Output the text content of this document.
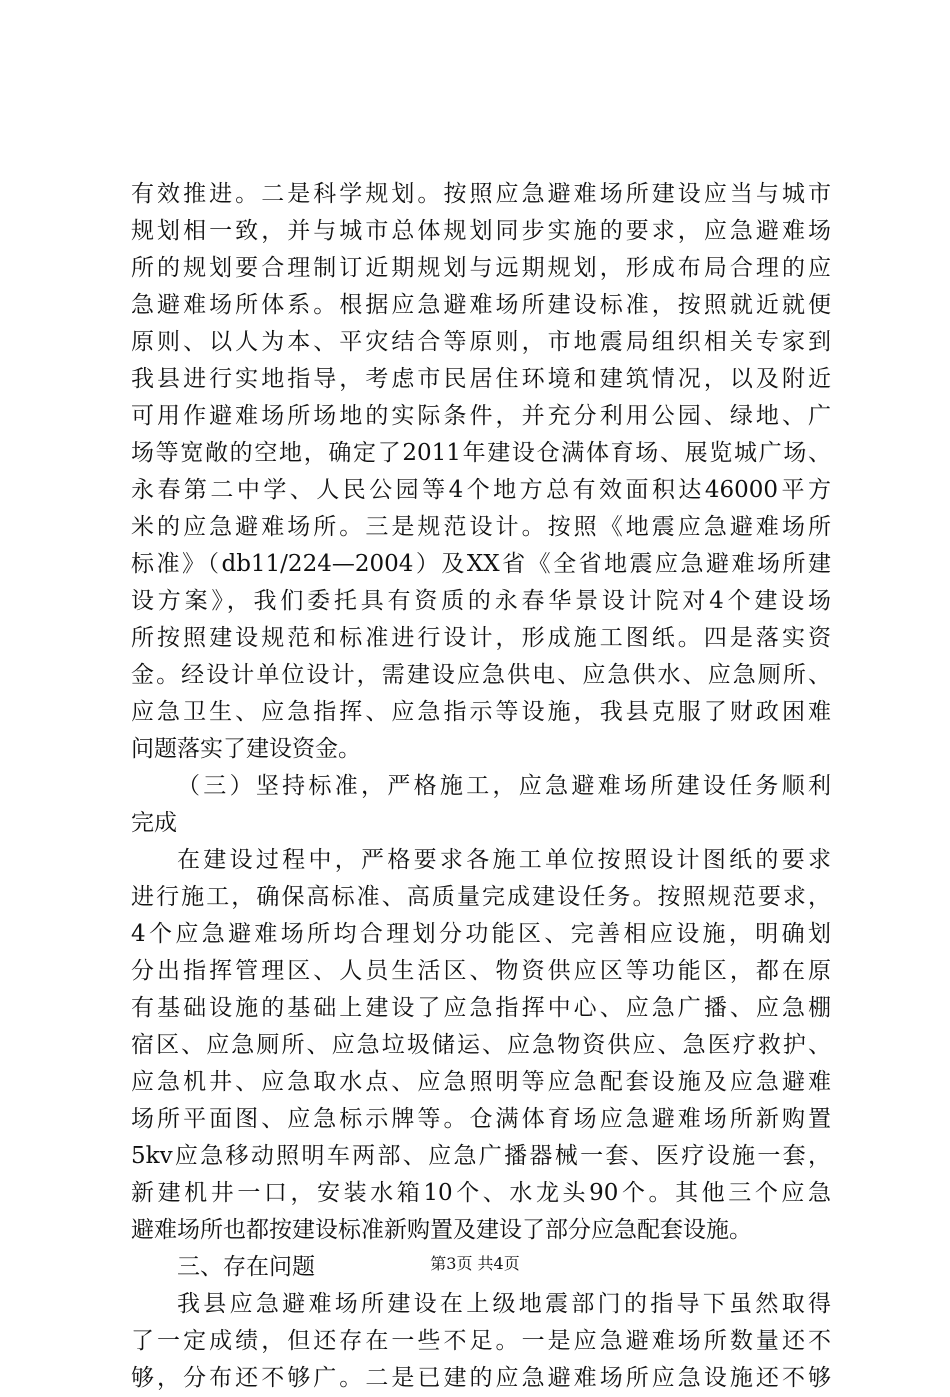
有效推进。二是科学规划。按照应急避难场所建设应当与城市
规划相一致，并与城市总体规划同步实施的要求，应急避难场
所的规划要合理制订近期规划与远期规划，形成布局合理的应
急避难场所体系。根据应急避难场所建设标准，按照就近就便
原则、以人为本、平灾结合等原则，市地震局组织相关专家到
我县进行实地指导，考虑市民居住环境和建筑情况，以及附近
可用作避难场所场地的实际条件，并充分利用公园、绿地、广
场等宽敞的空地，确定了2011年建设仓满体育场、展览城广场、
永春第二中学、人民公园等4个地方总有效面积达46000平方
米的应急避难场所。三是规范设计。按照《地震应急避难场所
标准》（db11/224—2004）及XX省《全省地震应急避难场所建
设方案》，我们委托具有资质的永春华景设计院对4个建设场
所按照建设规范和标准进行设计，形成施工图纸。四是落实资
金。经设计单位设计，需建设应急供电、应急供水、应急厕所、
应急卫生、应急指挥、应急指示等设施，我县克服了财政困难
问题落实了建设资金。
（三）坚持标准，严格施工，应急避难场所建设任务顺利
完成
在建设过程中，严格要求各施工单位按照设计图纸的要求
进行施工，确保高标准、高质量完成建设任务。按照规范要求，
4个应急避难场所均合理划分功能区、完善相应设施，明确划
分出指挥管理区、人员生活区、物资供应区等功能区，都在原
有基础设施的基础上建设了应急指挥中心、应急广播、应急棚
宿区、应急厕所、应急垃圾储运、应急物资供应、急医疗救护、
应急机井、应急取水点、应急照明等应急配套设施及应急避难
场所平面图、应急标示牌等。仓满体育场应急避难场所新购置
5kv应急移动照明车两部、应急广播器械一套、医疗设施一套，
新建机井一口，安装水箱10个、水龙头90个。其他三个应急
避难场所也都按建设标准新购置及建设了部分应急配套设施。
三、存在问题
我县应急避难场所建设在上级地震部门的指导下虽然取得
了一定成绩，但还存在一些不足。一是应急避难场所数量还不
够，分布还不够广。二是已建的应急避难场所应急设施还不够
第3页 共4页
